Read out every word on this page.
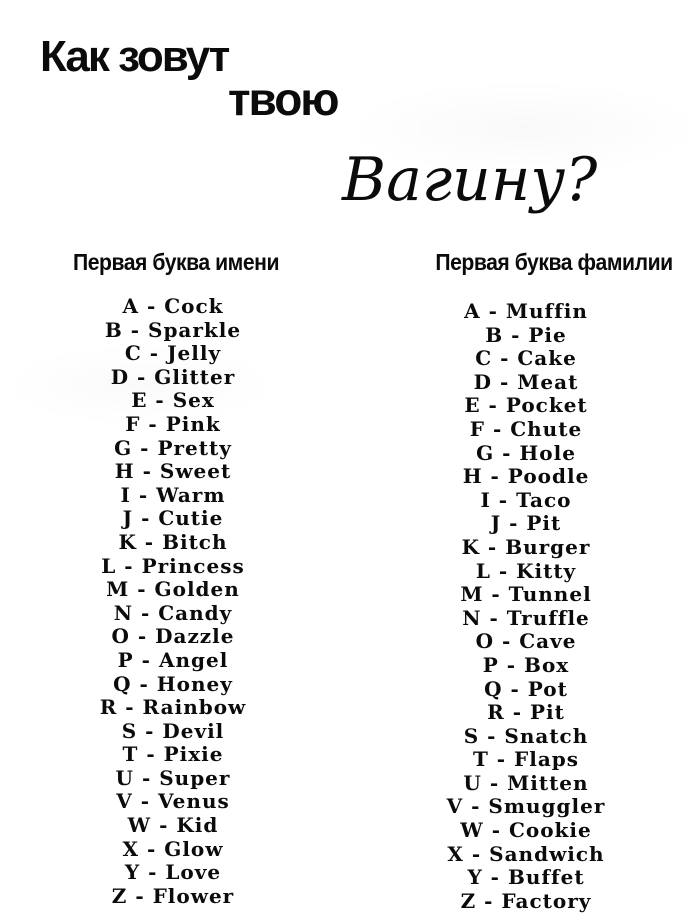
Как зовут
твою
Вагину?
Первая буква имени
A - Cock
B - Sparkle
C - Jelly
D - Glitter
E - Sex
F - Pink
G - Pretty
H - Sweet
I - Warm
J - Cutie
K - Bitch
L - Princess
M - Golden
N - Candy
O - Dazzle
P - Angel
Q - Honey
R - Rainbow
S - Devil
T - Pixie
U - Super
V - Venus
W - Kid
X - Glow
Y - Love
Z - Flower
Первая буква фамилии
A - Muffin
B - Pie
C - Cake
D - Meat
E - Pocket
F - Chute
G - Hole
H - Poodle
I - Taco
J - Pit
K - Burger
L - Kitty
M - Tunnel
N - Truffle
O - Cave
P - Box
Q - Pot
R - Pit
S - Snatch
T - Flaps
U - Mitten
V - Smuggler
W - Cookie
X - Sandwich
Y - Buffet
Z - Factory
